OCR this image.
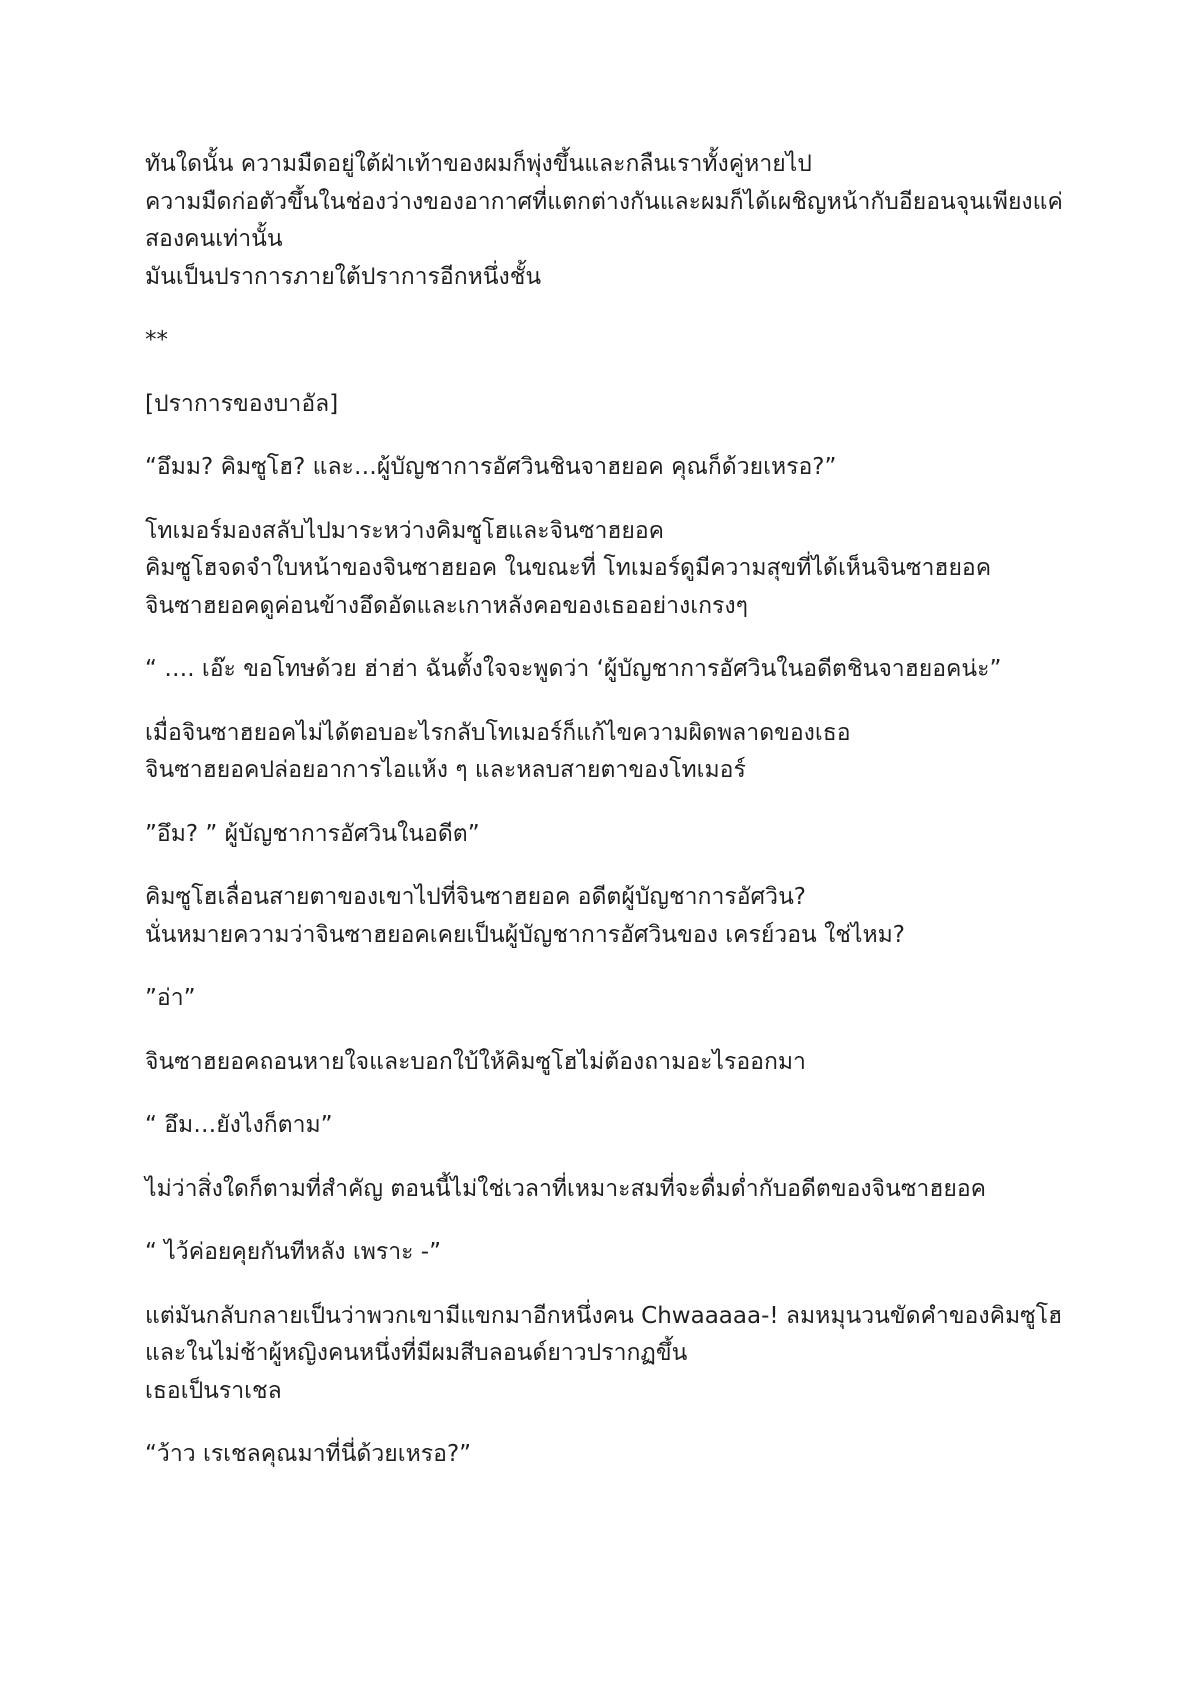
ทันใดนั้น ความมืดอยู่ใต้ฝ่าเท้าของผมก็พุ่งขึ้นและกลืนเราทั้งคู่หายไป
ความมืดก่อตัวขึ้นในช่องว่างของอากาศที่แตกต่างกันและผมก็ได้เผชิญหน้ากับอียอนจุนเพียงแค่สองคนเท่านั้น
มันเป็นปราการภายใต้ปราการอีกหนึ่งชั้น

**

[ปราการของบาอัล]

“อึมม? คิมซูโฮ? และ…ผู้บัญชาการอัศวินชินจาฮยอค คุณก็ด้วยเหรอ?”

โทเมอร์มองสลับไปมาระหว่างคิมซูโฮและจินซาฮยอค
คิมซูโฮจดจำใบหน้าของจินซาฮยอค ในขณะที่ โทเมอร์ดูมีความสุขที่ได้เห็นจินซาฮยอค
จินซาฮยอคดูค่อนข้างอึดอัดและเกาหลังคอของเธออย่างเกรงๆ

“ …. เอ๊ะ ขอโทษด้วย ฮ่าฮ่า ฉันตั้งใจจะพูดว่า ‘ผู้บัญชาการอัศวินในอดีตชินจาฮยอคน่ะ”

เมื่อจินซาฮยอคไม่ได้ตอบอะไรกลับโทเมอร์ก็แก้ไขความผิดพลาดของเธอ
จินซาฮยอคปล่อยอาการไอแห้ง ๆ และหลบสายตาของโทเมอร์

”อึม? ” ผู้บัญชาการอัศวินในอดีต”

คิมซูโฮเลื่อนสายตาของเขาไปที่จินซาฮยอค อดีตผู้บัญชาการอัศวิน?
นั่นหมายความว่าจินซาฮยอคเคยเป็นผู้บัญชาการอัศวินของ เครย์วอน ใช่ไหม?

”อ่า”

จินซาฮยอคถอนหายใจและบอกใบ้ให้คิมซูโฮไม่ต้องถามอะไรออกมา

“ อึม…ยังไงก็ตาม”

ไม่ว่าสิ่งใดก็ตามที่สำคัญ ตอนนี้ไม่ใช่เวลาที่เหมาะสมที่จะดื่มด่ำกับอดีตของจินซาฮยอค

“ ไว้ค่อยคุยกันทีหลัง เพราะ -”

แต่มันกลับกลายเป็นว่าพวกเขามีแขกมาอีกหนึ่งคน Chwaaaaa-! ลมหมุนวนขัดคำของคิมซูโฮ และในไม่ช้าผู้หญิงคนหนึ่งที่มีผมสีบลอนด์ยาวปรากฏขึ้น
เธอเป็นราเชล

“ว้าว เรเชลคุณมาที่นี่ด้วยเหรอ?”
